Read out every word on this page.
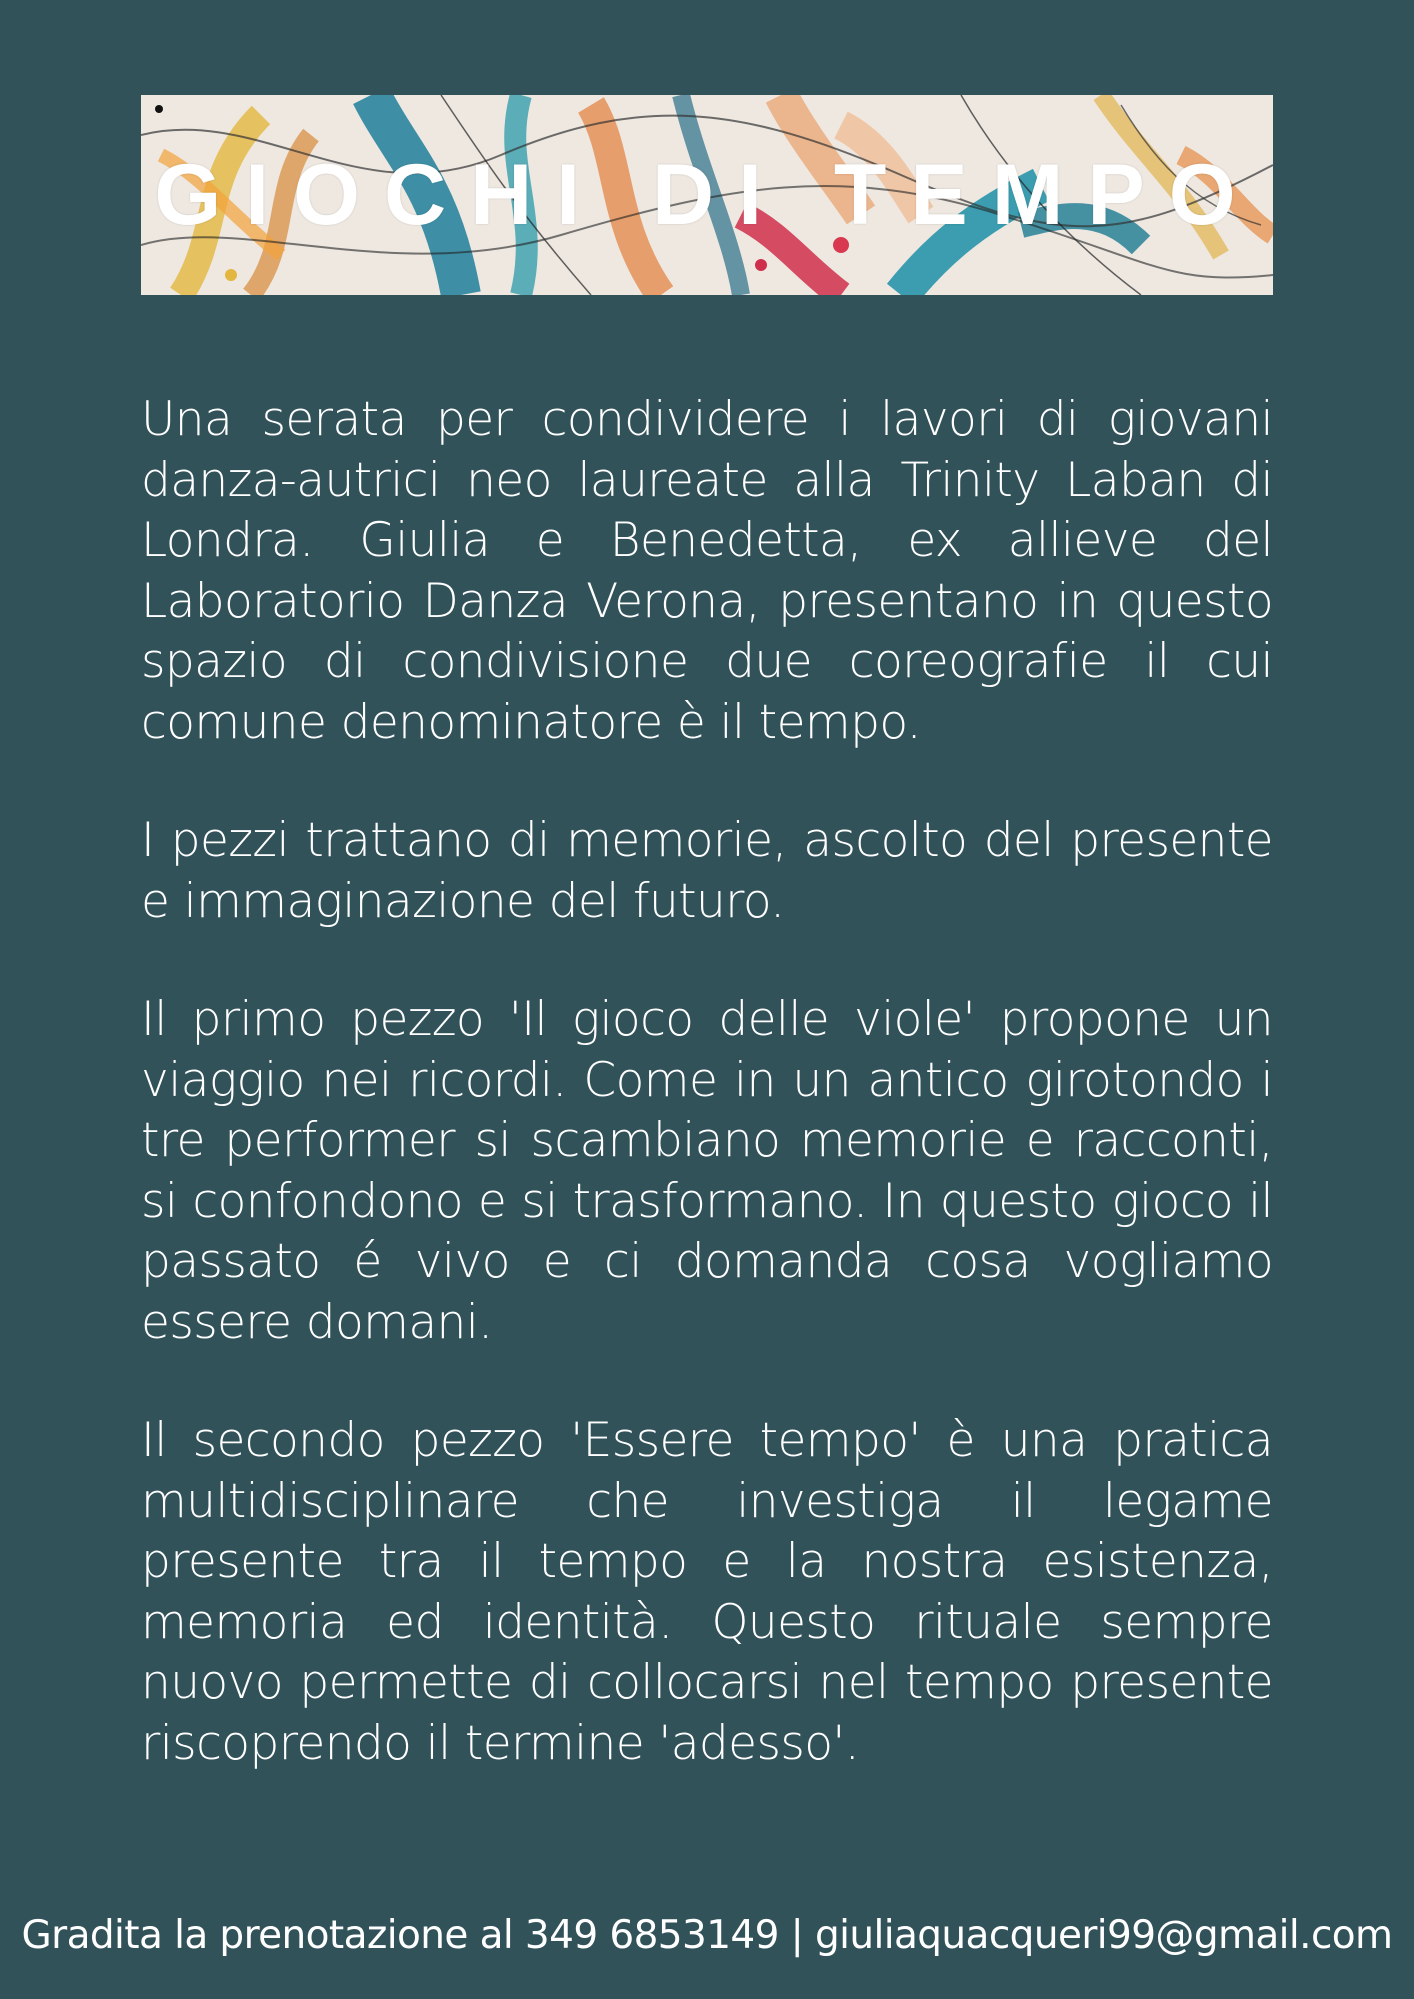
GIOCHI DI TEMPO

Una serata per condividere i lavori di giovani danza-autrici neo laureate alla Trinity Laban di Londra. Giulia e Benedetta, ex allieve del Laboratorio Danza Verona, presentano in questo spazio di condivisione due coreografie il cui comune denominatore è il tempo.

I pezzi trattano di memorie, ascolto del presente e immaginazione del futuro.

Il primo pezzo 'Il gioco delle viole' propone un viaggio nei ricordi. Come in un antico girotondo i tre performer si scambiano memorie e racconti, si confondono e si trasformano. In questo gioco il passato é vivo e ci domanda cosa vogliamo essere domani.

Il secondo pezzo 'Essere tempo' è una pratica multidisciplinare che investiga il legame presente tra il tempo e la nostra esistenza, memoria ed identità. Questo rituale sempre nuovo permette di collocarsi nel tempo presente riscoprendo il termine 'adesso'.

Gradita la prenotazione al 349 6853149 | giuliaquacqueri99@gmail.com
